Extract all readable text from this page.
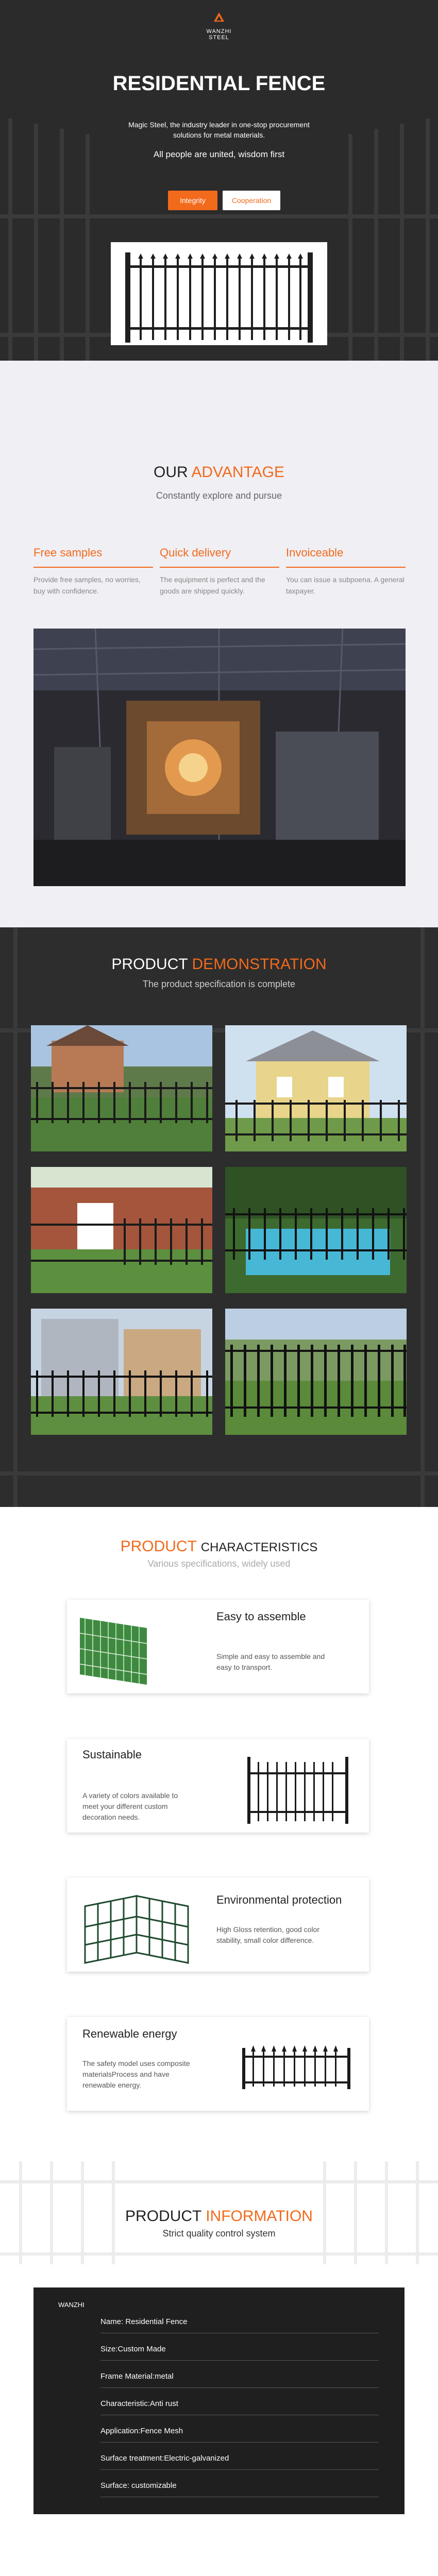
WANZHI STEEL
RESIDENTIAL FENCE
Magic Steel, the industry leader in one-stop procurement solutions for metal materials.
All people are united, wisdom first
Integrity	Cooperation
OUR ADVANTAGE
Constantly explore and pursue
Free samples
Provide free samples, no worries, buy with confidence.
Quick delivery
The equipment is perfect and the goods are shipped quickly.
Invoiceable
You can issue a subpoena. A general taxpayer.
PRODUCT DEMONSTRATION
The product specification is complete
PRODUCT CHARACTERISTICS
Various specifications, widely used
Easy to assemble
Simple and easy to assemble and easy to transport.
Sustainable
A variety of colors available to meet your different custom decoration needs.
Environmental protection
High Gloss retention, good color stability, small color difference.
Renewable energy
The safety model uses composite materialsProcess and have renewable energy.
PRODUCT INFORMATION
Strict quality control system
WANZHI
Name: Residential Fence
Size:Custom Made
Frame Material:metal
Characteristic:Anti rust
Application:Fence Mesh
Surface treatment:Electric-galvanized
Surface: customizable
